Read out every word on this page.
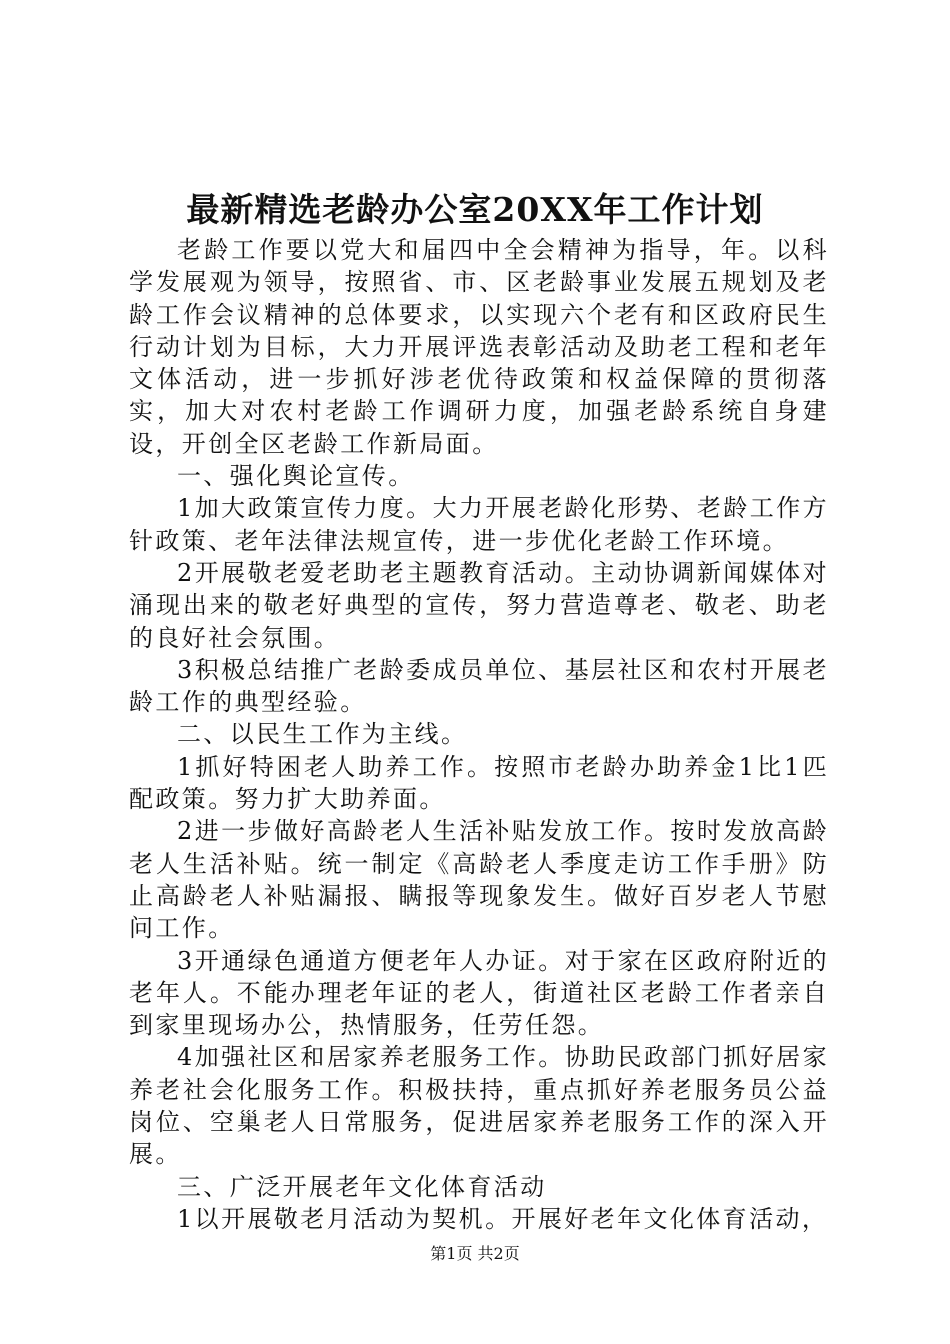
最新精选老龄办公室20XX年工作计划

老龄工作要以党大和届四中全会精神为指导，年。以科学发展观为领导，按照省、市、区老龄事业发展五规划及老龄工作会议精神的总体要求，以实现六个老有和区政府民生行动计划为目标，大力开展评选表彰活动及助老工程和老年文体活动，进一步抓好涉老优待政策和权益保障的贯彻落实，加大对农村老龄工作调研力度，加强老龄系统自身建设，开创全区老龄工作新局面。

一、强化舆论宣传。

1加大政策宣传力度。大力开展老龄化形势、老龄工作方针政策、老年法律法规宣传，进一步优化老龄工作环境。

2开展敬老爱老助老主题教育活动。主动协调新闻媒体对涌现出来的敬老好典型的宣传，努力营造尊老、敬老、助老的良好社会氛围。

3积极总结推广老龄委成员单位、基层社区和农村开展老龄工作的典型经验。

二、以民生工作为主线。

1抓好特困老人助养工作。按照市老龄办助养金1比1匹配政策。努力扩大助养面。

2进一步做好高龄老人生活补贴发放工作。按时发放高龄老人生活补贴。统一制定《高龄老人季度走访工作手册》防止高龄老人补贴漏报、瞒报等现象发生。做好百岁老人节慰问工作。

3开通绿色通道方便老年人办证。对于家在区政府附近的老年人。不能办理老年证的老人，街道社区老龄工作者亲自到家里现场办公，热情服务，任劳任怨。

4加强社区和居家养老服务工作。协助民政部门抓好居家养老社会化服务工作。积极扶持，重点抓好养老服务员公益岗位、空巢老人日常服务，促进居家养老服务工作的深入开展。

三、广泛开展老年文化体育活动

1以开展敬老月活动为契机。开展好老年文化体育活动，

第1页 共2页
